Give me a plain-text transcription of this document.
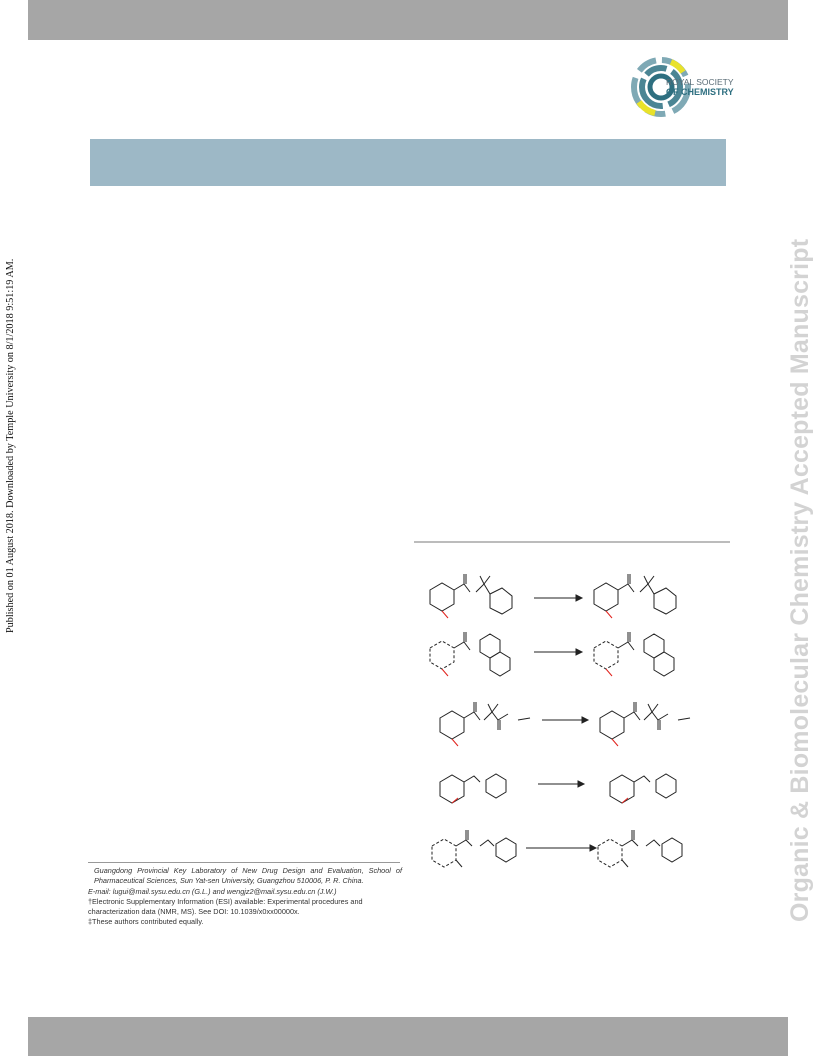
Published on 01 August 2018. Downloaded by Temple University on 8/1/2018 9:51:19 AM.	Organic & Biomolecular Chemistry Accepted Manuscript
ROYAL SOCIETY
OF CHEMISTRY

Guangdong Provincial Key Laboratory of New Drug Design and Evaluation, School of Pharmaceutical Sciences, Sun Yat-sen University, Guangzhou 510006, P. R. China.

E-mail: lugui@mail.sysu.edu.cn (G.L.) and wengjz2@mail.sysu.edu.cn (J.W.)

†Electronic Supplementary Information (ESI) available: Experimental procedures and characterization data (NMR, MS). See DOI: 10.1039/x0xx00000x.

‡These authors contributed equally.
